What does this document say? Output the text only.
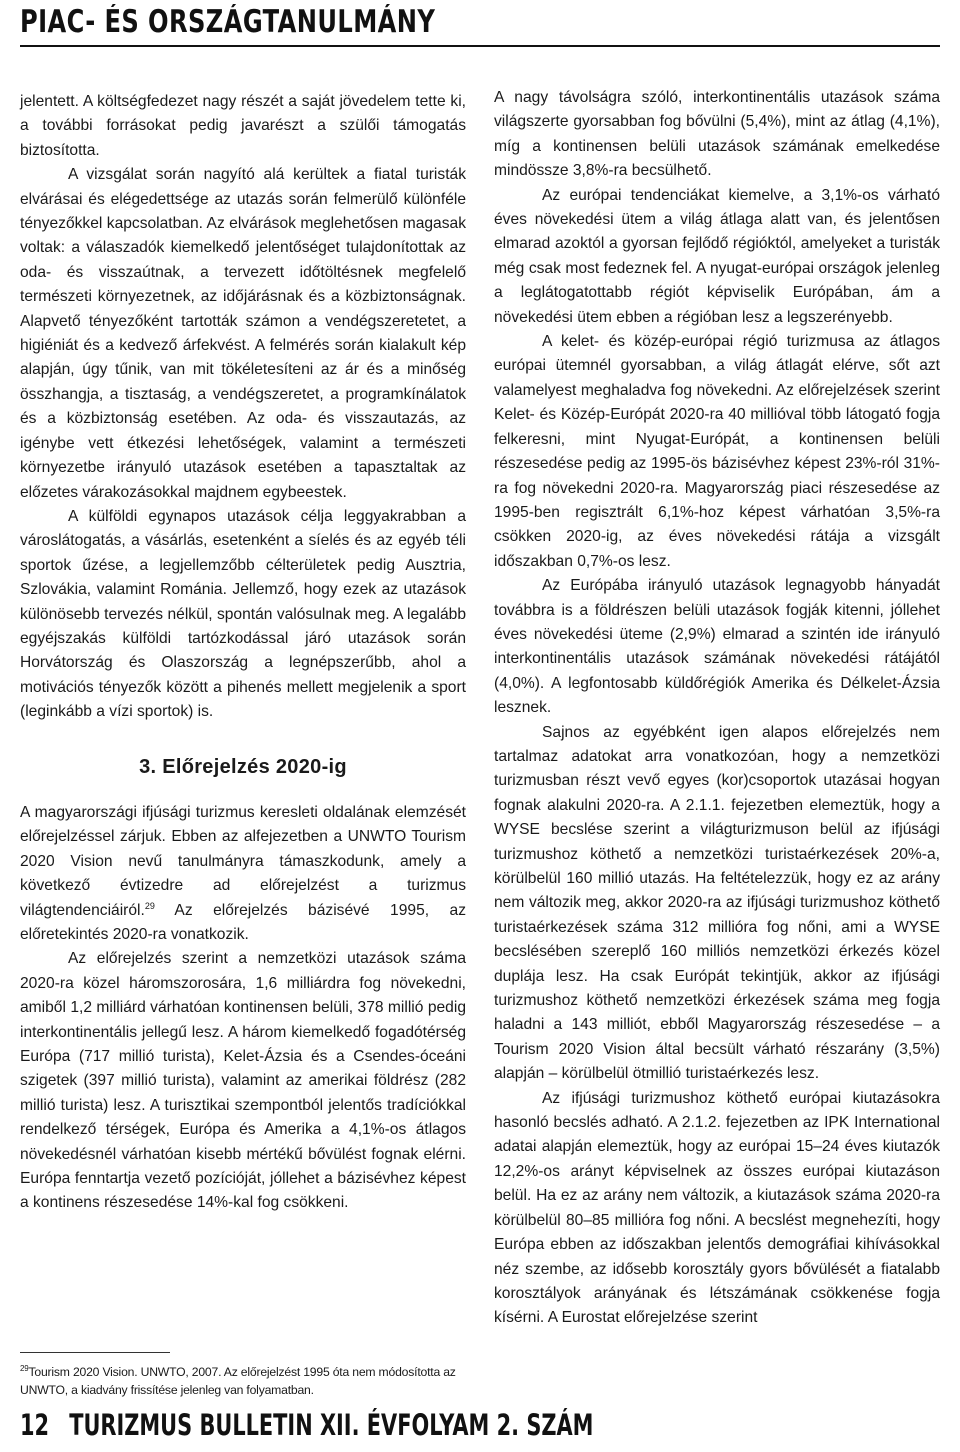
PIAC- ÉS ORSZÁGTANULMÁNY

jelentett. A költségfedezet nagy részét a saját jövedelem tette ki, a további forrásokat pedig javarészt a szülői támogatás biztosította.

A vizsgálat során nagyító alá kerültek a fiatal turisták elvárásai és elégedettsége az utazás során felmerülő különféle tényezőkkel kapcsolatban. Az elvárások meglehetősen magasak voltak: a válaszadók kiemelkedő jelentőséget tulajdonítottak az oda- és visszaútnak, a tervezett időtöltésnek megfelelő természeti környezetnek, az időjárásnak és a közbiztonságnak. Alapvető tényezőként tartották számon a vendégszeretetet, a higiéniát és a kedvező árfekvést. A felmérés során kialakult kép alapján, úgy tűnik, van mit tökéletesíteni az ár és a minőség összhangja, a tisztaság, a vendégszeretet, a programkínálatok és a közbiztonság esetében. Az oda- és visszautazás, az igénybe vett étkezési lehetőségek, valamint a természeti környezetbe irányuló utazások esetében a tapasztaltak az előzetes várakozásokkal majdnem egybeestek.

A külföldi egynapos utazások célja leggyakrabban a városlátogatás, a vásárlás, esetenként a síelés és az egyéb téli sportok űzése, a legjellemzőbb célterületek pedig Ausztria, Szlovákia, valamint Románia. Jellemző, hogy ezek az utazások különösebb tervezés nélkül, spontán valósulnak meg. A legalább egyéjszakás külföldi tartózkodással járó utazások során Horvátország és Olaszország a legnépszerűbb, ahol a motivációs tényezők között a pihenés mellett megjelenik a sport (leginkább a vízi sportok) is.

3. Előrejelzés 2020-ig

A magyarországi ifjúsági turizmus keresleti oldalának elemzését előrejelzéssel zárjuk. Ebben az alfejezetben a UNWTO Tourism 2020 Vision nevű tanulmányra támaszkodunk, amely a következő évtizedre ad előrejelzést a turizmus világtendenciáiról.$^{29}$ Az előrejelzés bázisévé 1995, az előretekintés 2020-ra vonatkozik.

Az előrejelzés szerint a nemzetközi utazások száma 2020-ra közel háromszorosára, 1,6 milliárdra fog növekedni, amiből 1,2 milliárd várhatóan kontinensen belüli, 378 millió pedig interkontinentális jellegű lesz. A három kiemelkedő fogadótérség Európa (717 millió turista), Kelet-Ázsia és a Csendes-óceáni szigetek (397 millió turista), valamint az amerikai földrész (282 millió turista) lesz. A turisztikai szempontból jelentős tradíciókkal rendelkező térségek, Európa és Amerika a 4,1%-os átlagos növekedésnél várhatóan kisebb mértékű bővülést fognak elérni. Európa fenntartja vezető pozícióját, jóllehet a bázisévhez képest a kontinens részesedése 14%-kal fog csökkeni.

$^{29}$Tourism 2020 Vision. UNWTO, 2007. Az előrejelzést 1995 óta nem módosította az UNWTO, a kiadvány frissítése jelenleg van folyamatban.

A nagy távolságra szóló, interkontinentális utazások száma világszerte gyorsabban fog bővülni (5,4%), mint az átlag (4,1%), míg a kontinensen belüli utazások számának emelkedése mindössze 3,8%-ra becsülhető.

Az európai tendenciákat kiemelve, a 3,1%-os várható éves növekedési ütem a világ átlaga alatt van, és jelentősen elmarad azoktól a gyorsan fejlődő régióktól, amelyeket a turisták még csak most fedeznek fel. A nyugat-európai országok jelenleg a leglátogatottabb régiót képviselik Európában, ám a növekedési ütem ebben a régióban lesz a legszerényebb.

A kelet- és közép-európai régió turizmusa az átlagos európai ütemnél gyorsabban, a világ átlagát elérve, sőt azt valamelyest meghaladva fog növekedni. Az előrejelzések szerint Kelet- és Közép-Európát 2020-ra 40 millióval több látogató fogja felkeresni, mint Nyugat-Európát, a kontinensen belüli részesedése pedig az 1995-ös bázisévhez képest 23%-ról 31%-ra fog növekedni 2020-ra. Magyarország piaci részesedése az 1995-ben regisztrált 6,1%-hoz képest várhatóan 3,5%-ra csökken 2020-ig, az éves növekedési rátája a vizsgált időszakban 0,7%-os lesz.

Az Európába irányuló utazások legnagyobb hányadát továbbra is a földrészen belüli utazások fogják kitenni, jóllehet éves növekedési üteme (2,9%) elmarad a szintén ide irányuló interkontinentális utazások számának növekedési rátájától (4,0%). A legfontosabb küldőrégiók Amerika és Délkelet-Ázsia lesznek.

Sajnos az egyébként igen alapos előrejelzés nem tartalmaz adatokat arra vonatkozóan, hogy a nemzetközi turizmusban részt vevő egyes (kor)csoportok utazásai hogyan fognak alakulni 2020-ra. A 2.1.1. fejezetben elemeztük, hogy a WYSE becslése szerint a világturizmuson belül az ifjúsági turizmushoz köthető a nemzetközi turistaérkezések 20%-a, körülbelül 160 millió utazás. Ha feltételezzük, hogy ez az arány nem változik meg, akkor 2020-ra az ifjúsági turizmushoz köthető turistaérkezések száma 312 millióra fog nőni, ami a WYSE becslésében szereplő 160 milliós nemzetközi érkezés közel duplája lesz. Ha csak Európát tekintjük, akkor az ifjúsági turizmushoz köthető nemzetközi érkezések száma meg fogja haladni a 143 milliót, ebből Magyarország részesedése – a Tourism 2020 Vision által becsült várható részarány (3,5%) alapján – körülbelül ötmillió turistaérkezés lesz.

Az ifjúsági turizmushoz köthető európai kiutazásokra hasonló becslés adható. A 2.1.2. fejezetben az IPK International adatai alapján elemeztük, hogy az európai 15–24 éves kiutazók 12,2%-os arányt képviselnek az összes európai kiutazáson belül. Ha ez az arány nem változik, a kiutazások száma 2020-ra körülbelül 80–85 millióra fog nőni. A becslést megnehezíti, hogy Európa ebben az időszakban jelentős demográfiai kihívásokkal néz szembe, az idősebb korosztály gyors bővülését a fiatalabb korosztályok arányának és létszámának csökkenése fogja kísérni. A Eurostat előrejelzése szerint

12 TURIZMUS BULLETIN XII. ÉVFOLYAM 2. SZÁM
